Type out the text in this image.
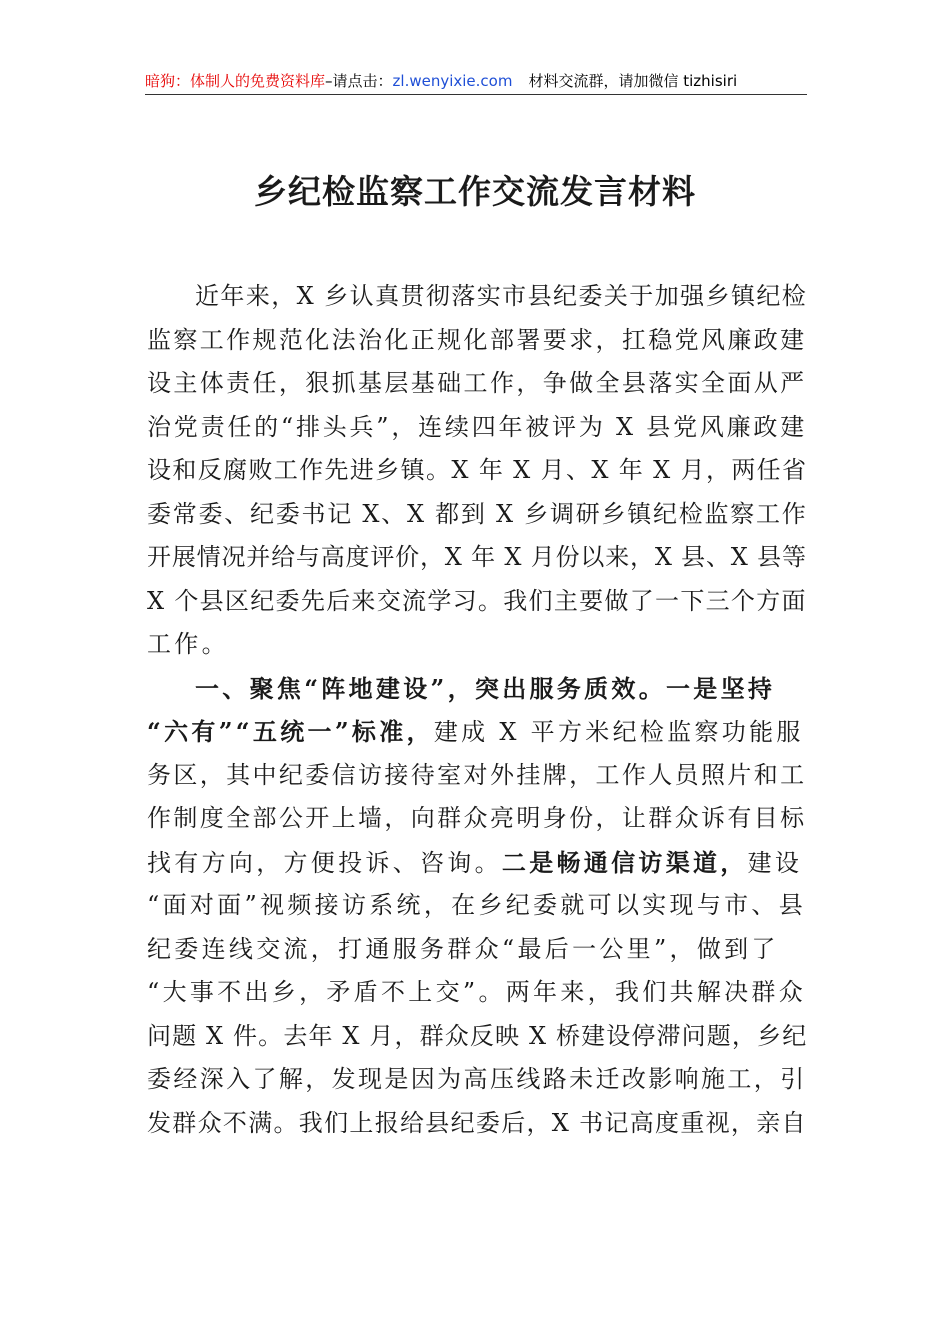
暗狗：体制人的免费资料库–请点击：zl.wenyixie.com 材料交流群，请加微信 tizhisiri
乡纪检监察工作交流发言材料
近年来，X 乡认真贯彻落实市县纪委关于加强乡镇纪检
监察工作规范化法治化正规化部署要求，扛稳党风廉政建
设主体责任，狠抓基层基础工作，争做全县落实全面从严
治党责任的“排头兵”，连续四年被评为 X 县党风廉政建
设和反腐败工作先进乡镇。X 年 X 月、X 年 X 月，两任省
委常委、纪委书记 X、X 都到 X 乡调研乡镇纪检监察工作
开展情况并给与高度评价，X 年 X 月份以来，X 县、X 县等
X 个县区纪委先后来交流学习。我们主要做了一下三个方面
工作。
一、聚焦“阵地建设”，突出服务质效。一是坚持
“六有”“五统一”标准，建成 X 平方米纪检监察功能服
务区，其中纪委信访接待室对外挂牌，工作人员照片和工
作制度全部公开上墙，向群众亮明身份，让群众诉有目标
找有方向，方便投诉、咨询。二是畅通信访渠道，建设
“面对面”视频接访系统，在乡纪委就可以实现与市、县
纪委连线交流，打通服务群众“最后一公里”，做到了
“大事不出乡，矛盾不上交”。两年来，我们共解决群众
问题 X 件。去年 X 月，群众反映 X 桥建设停滞问题，乡纪
委经深入了解，发现是因为高压线路未迁改影响施工，引
发群众不满。我们上报给县纪委后，X 书记高度重视，亲自
